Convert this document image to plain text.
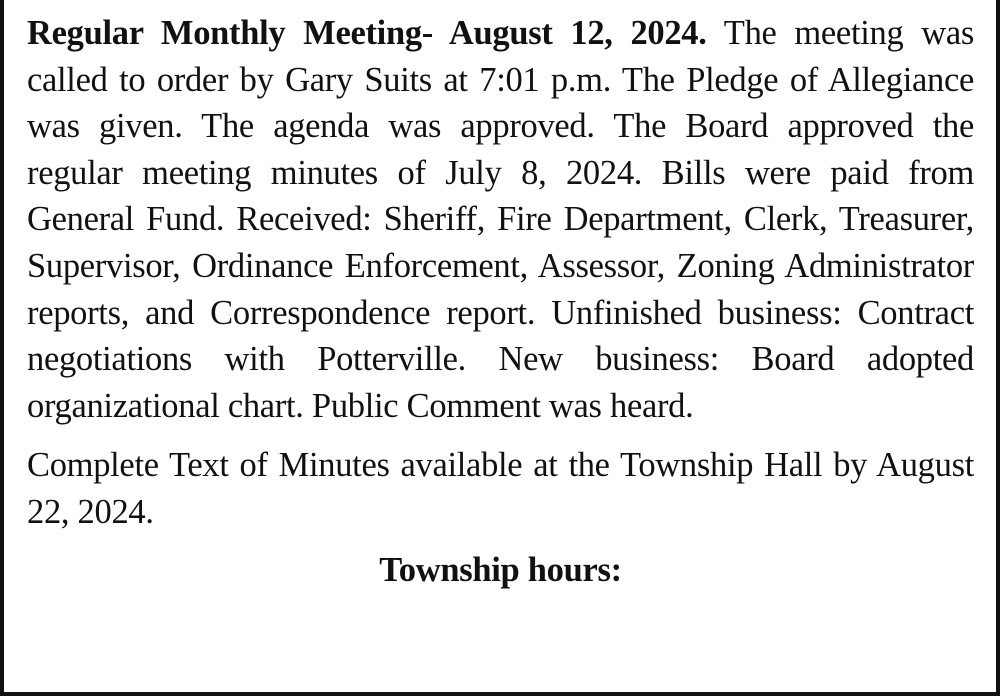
Regular Monthly Meeting- August 12, 2024. The meeting was called to order by Gary Suits at 7:01 p.m. The Pledge of Allegiance was given. The agenda was approved. The Board approved the regular meeting minutes of July 8, 2024. Bills were paid from General Fund. Received: Sheriff, Fire Department, Clerk, Treasurer, Supervisor, Ordinance Enforcement, Assessor, Zoning Administrator reports, and Correspondence report. Unfinished business: Contract negotiations with Potterville. New business: Board adopted organizational chart. Public Comment was heard.

Complete Text of Minutes available at the Township Hall by August 22, 2024.

Township hours:
